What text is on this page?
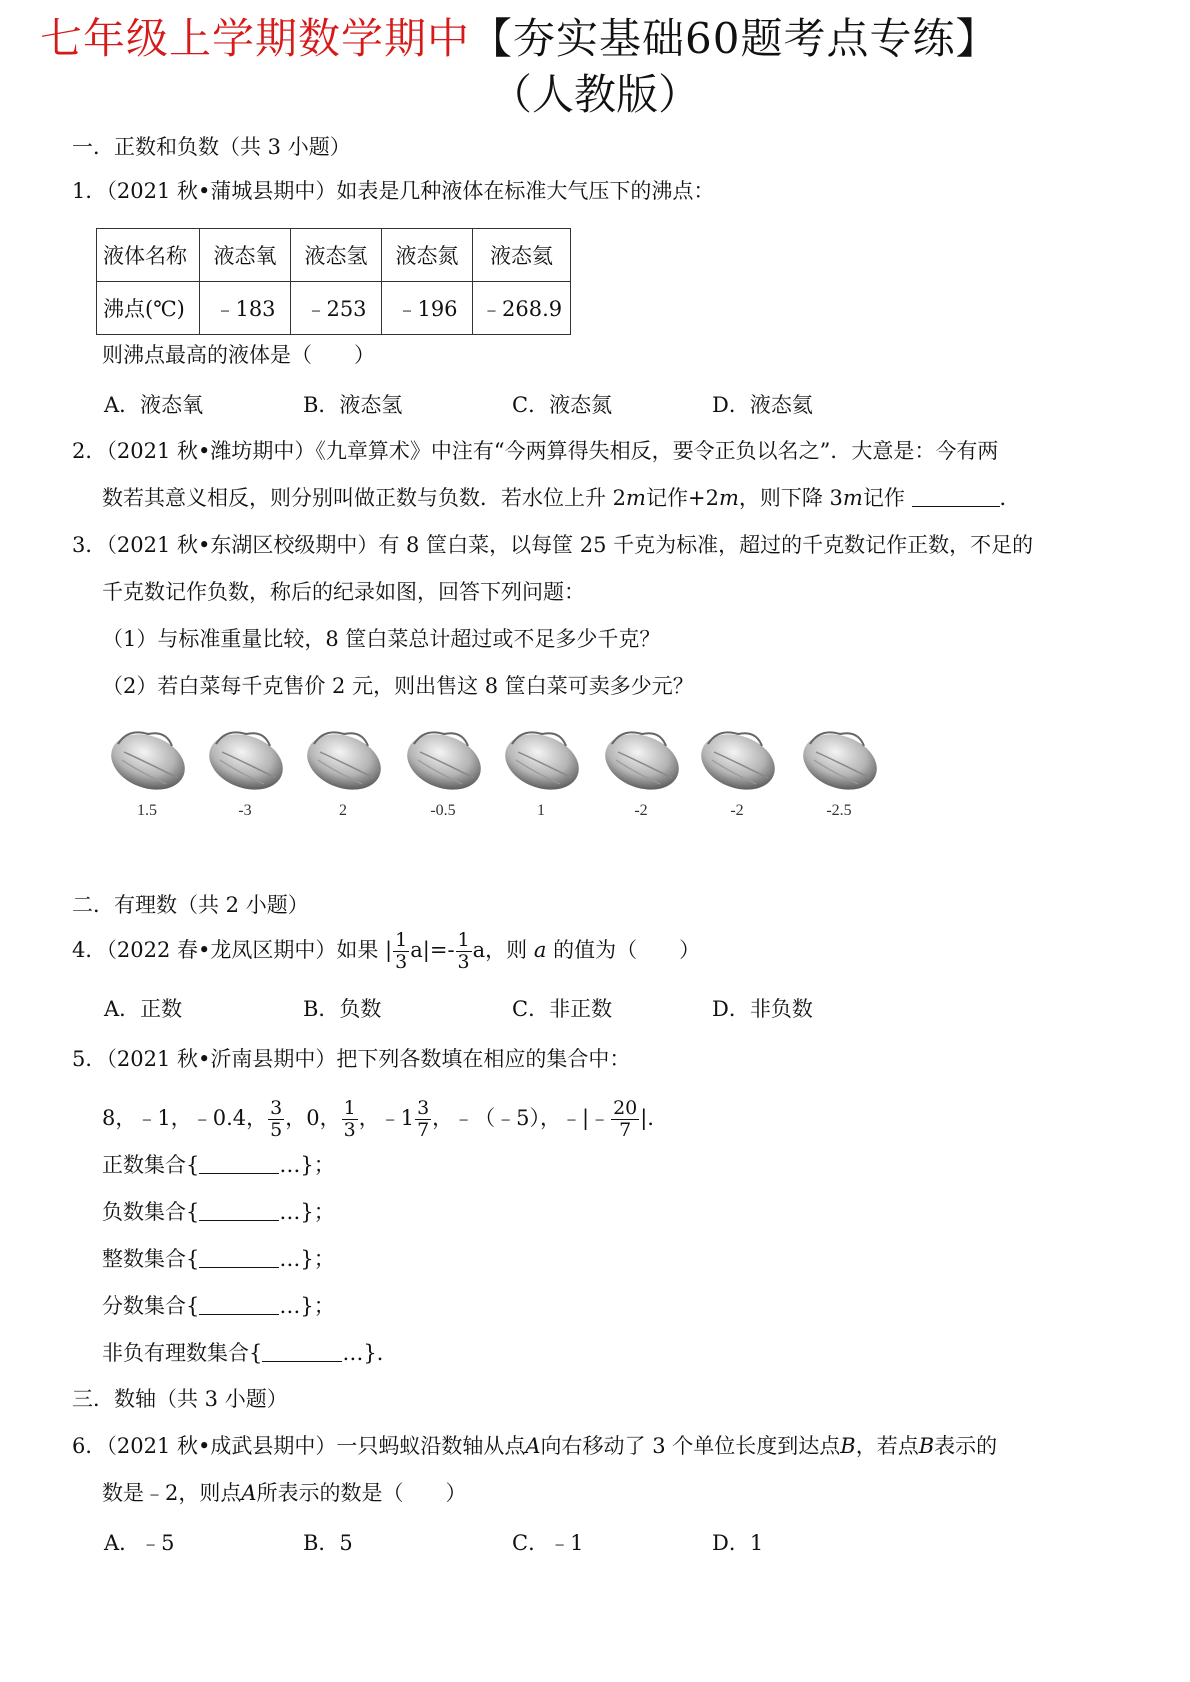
七年级上学期数学期中【夯实基础60题考点专练】
（人教版）
一．正数和负数（共 3 小题）
1．（2021 秋•蒲城县期中）如表是几种液体在标准大气压下的沸点：
液体名称	液态氧	液态氢	液态氮	液态氦
沸点(℃)	﹣183	﹣253	﹣196	﹣268.9
则沸点最高的液体是（　　）
A．液态氧	B．液态氢	C．液态氮	D．液态氦
2．（2021 秋•潍坊期中）《九章算术》中注有“今两算得失相反，要令正负以名之”．大意是：今有两
数若其意义相反，则分别叫做正数与负数．若水位上升 2m记作+2m，则下降 3m记作	．
3．（2021 秋•东湖区校级期中）有 8 筐白菜，以每筐 25 千克为标准，超过的千克数记作正数，不足的
千克数记作负数，称后的纪录如图，回答下列问题：
（1）与标准重量比较，8 筐白菜总计超过或不足多少千克？
（2）若白菜每千克售价 2 元，则出售这 8 筐白菜可卖多少元？
1.5	-3	2	-0.5	1	-2	-2	-2.5
二．有理数（共 2 小题）
4．（2022 春•龙凤区期中）如果 | $\frac{1}{3} a|=- \frac{1}{3}$ a，则 a 的值为（　　）
A．正数	B．负数	C．非正数	D．非负数
5．（2021 秋•沂南县期中）把下列各数填在相应的集合中：
8，﹣1，﹣0.4， $\frac{3}{5}$ ，0， $\frac{1}{3}$ ，﹣1 $\frac{3}{7}$ ，﹣（﹣5），﹣|﹣ $\frac{20}{7}$ |．
正数集合{	…}；
负数集合{	…}；
整数集合{	…}；
分数集合{	…}；
非负有理数集合{	…}．
三．数轴（共 3 小题）
6．（2021 秋•成武县期中）一只蚂蚁沿数轴从点A向右移动了 3 个单位长度到达点B，若点B表示的
数是﹣2，则点A所表示的数是（　　）
A．﹣5	B．5	C．﹣1	D．1
